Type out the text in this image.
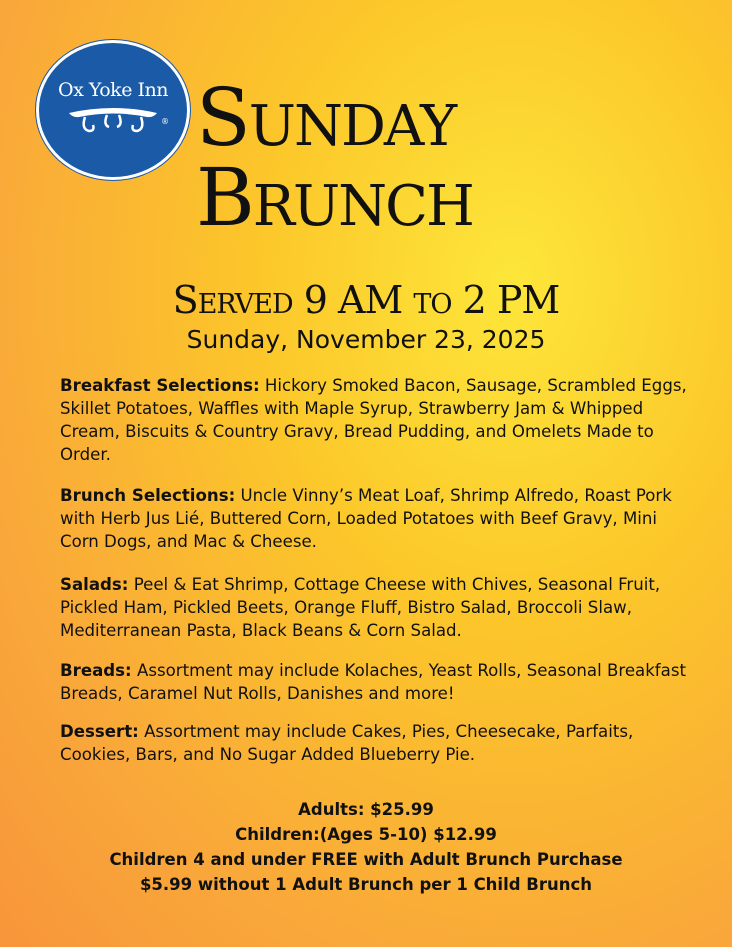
Ox Yoke Inn
® Sunday
Brunch
Served 9 AM to 2 PM
Sunday, November 23, 2025
Breakfast Selections: Hickory Smoked Bacon, Sausage, Scrambled Eggs, Skillet Potatoes, Waffles with Maple Syrup, Strawberry Jam & Whipped Cream, Biscuits & Country Gravy, Bread Pudding, and Omelets Made to Order.
Brunch Selections: Uncle Vinny’s Meat Loaf, Shrimp Alfredo, Roast Pork with Herb Jus Lié, Buttered Corn, Loaded Potatoes with Beef Gravy, Mini Corn Dogs, and Mac & Cheese.
Salads: Peel & Eat Shrimp, Cottage Cheese with Chives, Seasonal Fruit, Pickled Ham, Pickled Beets, Orange Fluff, Bistro Salad, Broccoli Slaw, Mediterranean Pasta, Black Beans & Corn Salad.
Breads: Assortment may include Kolaches, Yeast Rolls, Seasonal Breakfast Breads, Caramel Nut Rolls, Danishes and more!
Dessert: Assortment may include Cakes, Pies, Cheesecake, Parfaits, Cookies, Bars, and No Sugar Added Blueberry Pie.
Adults: $25.99
Children:(Ages 5-10) $12.99
Children 4 and under FREE with Adult Brunch Purchase
$5.99 without 1 Adult Brunch per 1 Child Brunch
